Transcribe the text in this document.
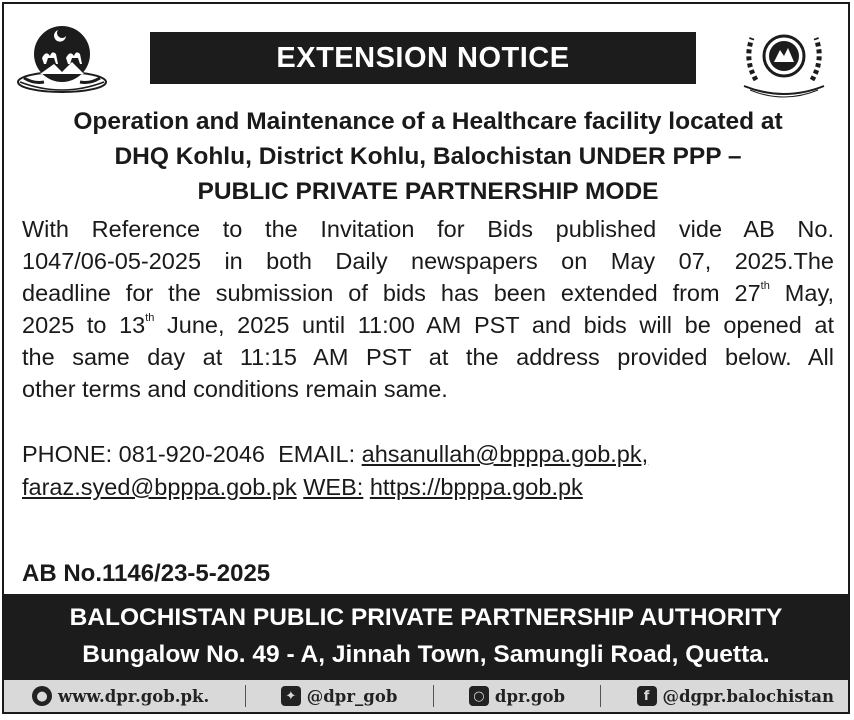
EXTENSION NOTICE
Operation and Maintenance of a Healthcare facility located at
DHQ Kohlu, District Kohlu, Balochistan UNDER PPP –
PUBLIC PRIVATE PARTNERSHIP MODE
With Reference to the Invitation for Bids published vide AB No.
1047/06-05-2025 in both Daily newspapers on May 07, 2025.The
deadline for the submission of bids has been extended from 27th May,
2025 to 13th June, 2025 until 11:00 AM PST and bids will be opened at
the same day at 11:15 AM PST at the address provided below. All
other terms and conditions remain same.
PHONE: 081-920-2046 EMAIL: ahsanullah@bpppa.gob.pk,
faraz.syed@bpppa.gob.pk WEB: https://bpppa.gob.pk
AB No.1146/23-5-2025
BALOCHISTAN PUBLIC PRIVATE PARTNERSHIP AUTHORITY
Bungalow No. 49 - A, Jinnah Town, Samungli Road, Quetta.
● www.dpr.gob.pk.	✦ @dpr_gob	○ dpr.gob	f @dgpr.balochistan
